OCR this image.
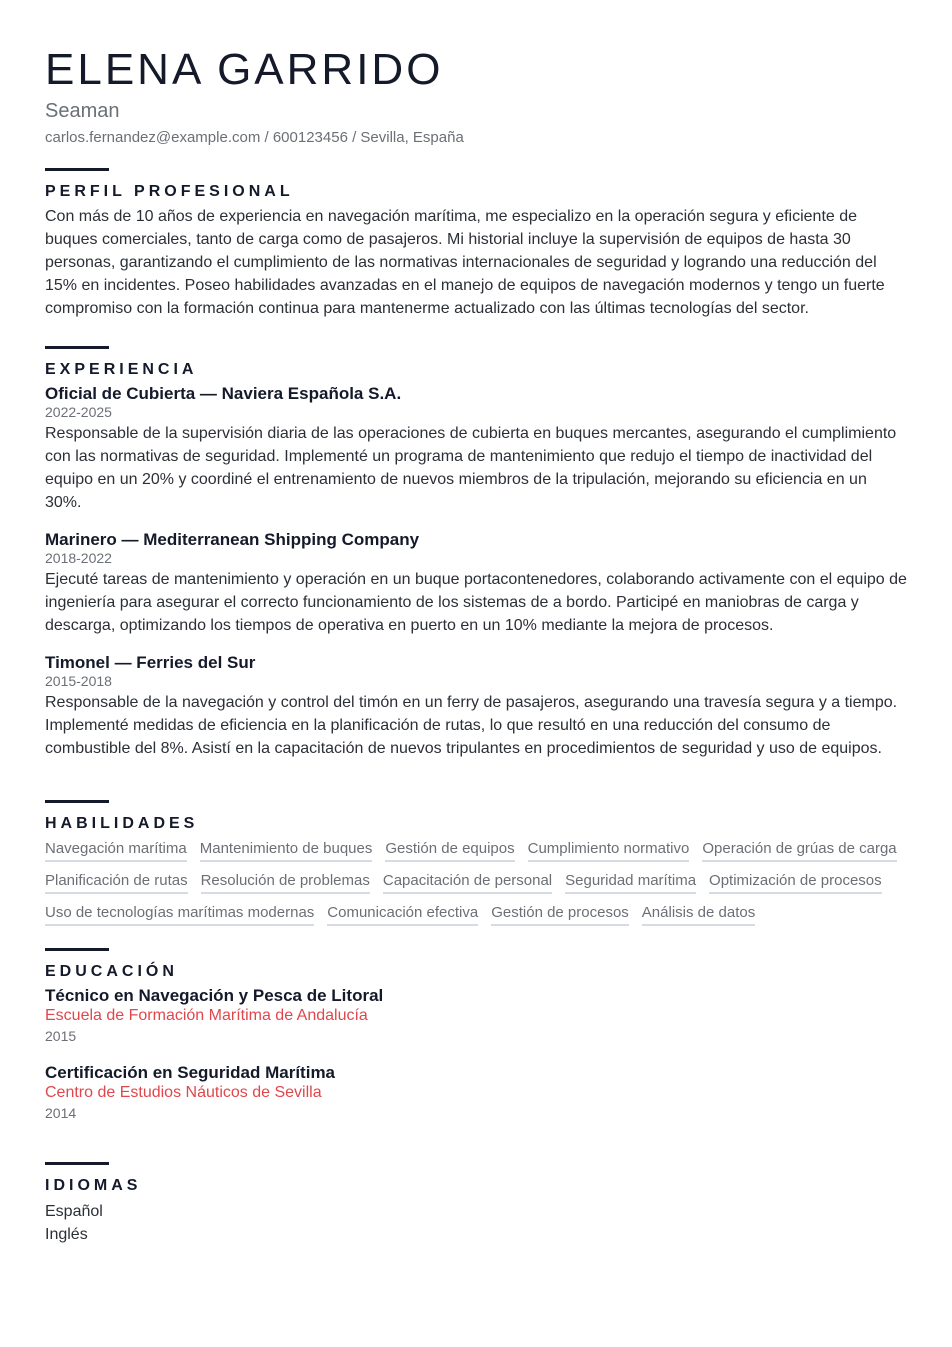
ELENA GARRIDO
Seaman
carlos.fernandez@example.com / 600123456 / Sevilla, España
PERFIL PROFESIONAL

Con más de 10 años de experiencia en navegación marítima, me especializo en la operación segura y eficiente de buques comerciales, tanto de carga como de pasajeros. Mi historial incluye la supervisión de equipos de hasta 30 personas, garantizando el cumplimiento de las normativas internacionales de seguridad y logrando una reducción del 15% en incidentes. Poseo habilidades avanzadas en el manejo de equipos de navegación modernos y tengo un fuerte compromiso con la formación continua para mantenerme actualizado con las últimas tecnologías del sector.

EXPERIENCIA
Oficial de Cubierta — Naviera Española S.A.
2022-2025
Responsable de la supervisión diaria de las operaciones de cubierta en buques mercantes, asegurando el cumplimiento con las normativas de seguridad. Implementé un programa de mantenimiento que redujo el tiempo de inactividad del equipo en un 20% y coordiné el entrenamiento de nuevos miembros de la tripulación, mejorando su eficiencia en un 30%.
Marinero — Mediterranean Shipping Company
2018-2022
Ejecuté tareas de mantenimiento y operación en un buque portacontenedores, colaborando activamente con el equipo de ingeniería para asegurar el correcto funcionamiento de los sistemas de a bordo. Participé en maniobras de carga y descarga, optimizando los tiempos de operativa en puerto en un 10% mediante la mejora de procesos.
Timonel — Ferries del Sur
2015-2018
Responsable de la navegación y control del timón en un ferry de pasajeros, asegurando una travesía segura y a tiempo. Implementé medidas de eficiencia en la planificación de rutas, lo que resultó en una reducción del consumo de combustible del 8%. Asistí en la capacitación de nuevos tripulantes en procedimientos de seguridad y uso de equipos.
HABILIDADES
Navegación marítima Mantenimiento de buques Gestión de equipos Cumplimiento normativo Operación de grúas de carga
Planificación de rutas Resolución de problemas Capacitación de personal Seguridad marítima Optimización de procesos
Uso de tecnologías marítimas modernas Comunicación efectiva Gestión de procesos Análisis de datos
EDUCACIÓN
Técnico en Navegación y Pesca de Litoral
Escuela de Formación Marítima de Andalucía
2015
Certificación en Seguridad Marítima
Centro de Estudios Náuticos de Sevilla
2014
IDIOMAS
Español
Inglés
